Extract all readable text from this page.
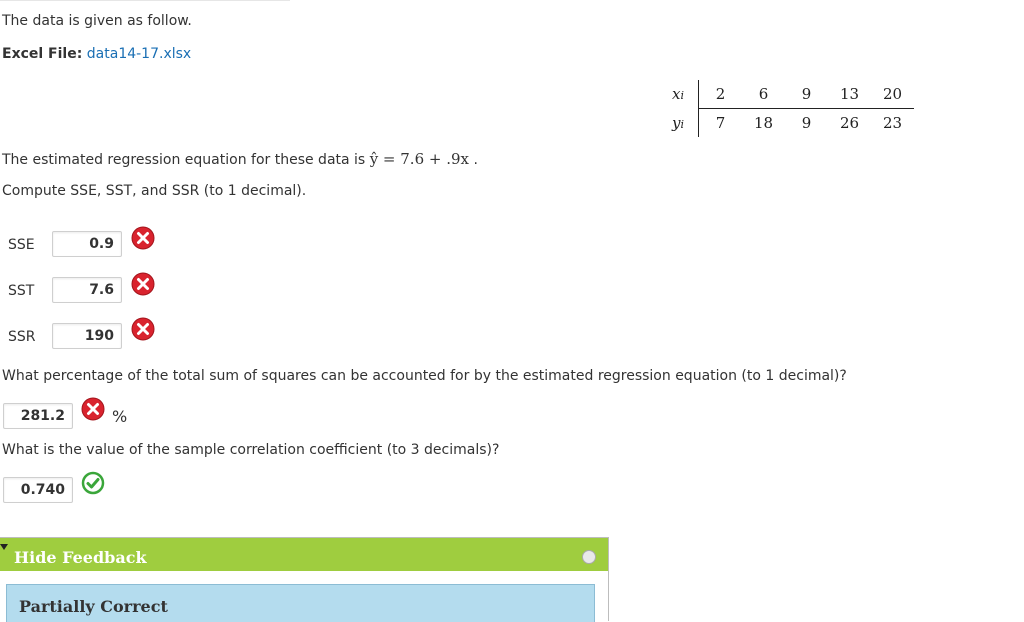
The data is given as follow.
Excel File: data14-17.xlsx
xi	2	6	9	13	20
yi	7	18	9	26	23
The estimated regression equation for these data is ŷ = 7.6 + .9x .
Compute SSE, SST, and SSR (to 1 decimal).
SSE	0.9
SST	7.6
SSR	190
What percentage of the total sum of squares can be accounted for by the estimated regression equation (to 1 decimal)?
281.2	%
What is the value of the sample correlation coefficient (to 3 decimals)?
0.740
Hide Feedback
Partially Correct
